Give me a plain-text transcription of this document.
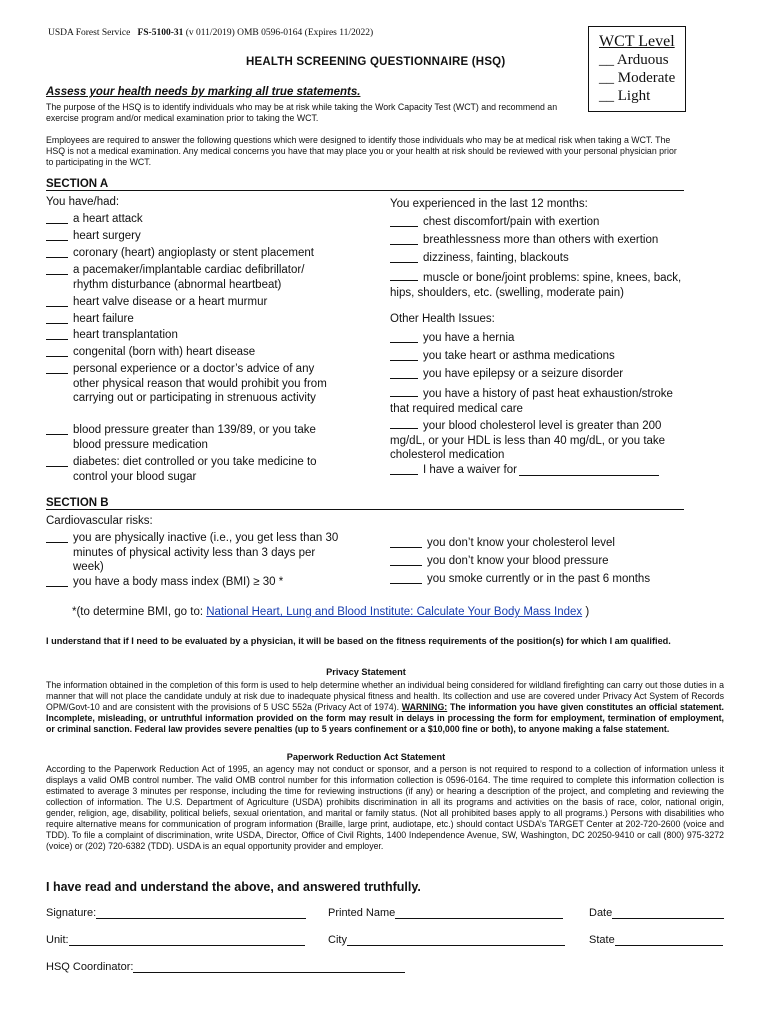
USDA Forest Service FS-5100-31 (v 011/2019) OMB 0596-0164 (Expires 11/2022)
HEALTH SCREENING QUESTIONNAIRE (HSQ)
WCT Level
__ Arduous
__ Moderate
__ Light
Assess your health needs by marking all true statements.
The purpose of the HSQ is to identify individuals who may be at risk while taking the Work Capacity Test (WCT) and recommend an exercise program and/or medical examination prior to taking the WCT.
Employees are required to answer the following questions which were designed to identify those individuals who may be at medical risk when taking a WCT. The HSQ is not a medical examination. Any medical concerns you have that may place you or your health at risk should be reviewed with your personal physician prior to participating in the WCT.
SECTION A
You have/had:
a heart attack
heart surgery
coronary (heart) angioplasty or stent placement
a pacemaker/implantable cardiac defibrillator/ rhythm disturbance (abnormal heartbeat)
heart valve disease or a heart murmur
heart failure
heart transplantation
congenital (born with) heart disease
personal experience or a doctor’s advice of any other physical reason that would prohibit you from carrying out or participating in strenuous activity
blood pressure greater than 139/89, or you take blood pressure medication
diabetes: diet controlled or you take medicine to control your blood sugar
You experienced in the last 12 months:
chest discomfort/pain with exertion
breathlessness more than others with exertion
dizziness, fainting, blackouts
muscle or bone/joint problems: spine, knees, back, hips, shoulders, etc. (swelling, moderate pain)
Other Health Issues:
you have a hernia
you take heart or asthma medications
you have epilepsy or a seizure disorder
you have a history of past heat exhaustion/stroke that required medical care
your blood cholesterol level is greater than 200 mg/dL, or your HDL is less than 40 mg/dL, or you take cholesterol medication
I have a waiver for
SECTION B
Cardiovascular risks:
you are physically inactive (i.e., you get less than 30 minutes of physical activity less than 3 days per week)
you have a body mass index (BMI) ≥ 30 *
you don’t know your cholesterol level
you don’t know your blood pressure
you smoke currently or in the past 6 months
*(to determine BMI, go to: National Heart, Lung and Blood Institute: Calculate Your Body Mass Index )
I understand that if I need to be evaluated by a physician, it will be based on the fitness requirements of the position(s) for which I am qualified.
Privacy Statement
The information obtained in the completion of this form is used to help determine whether an individual being considered for wildland firefighting can carry out those duties in a manner that will not place the candidate unduly at risk due to inadequate physical fitness and health. Its collection and use are covered under Privacy Act System of Records OPM/Govt-10 and are consistent with the provisions of 5 USC 552a (Privacy Act of 1974). WARNING: The information you have given constitutes an official statement. Incomplete, misleading, or untruthful information provided on the form may result in delays in processing the form for employment, termination of employment, or criminal sanction. Federal law provides severe penalties (up to 5 years confinement or a $10,000 fine or both), to anyone making a false statement.
Paperwork Reduction Act Statement
According to the Paperwork Reduction Act of 1995, an agency may not conduct or sponsor, and a person is not required to respond to a collection of information unless it displays a valid OMB control number. The valid OMB control number for this information collection is 0596-0164. The time required to complete this information collection is estimated to average 3 minutes per response, including the time for reviewing instructions (if any) or hearing a description of the project, and completing and reviewing the collection of information. The U.S. Department of Agriculture (USDA) prohibits discrimination in all its programs and activities on the basis of race, color, national origin, gender, religion, age, disability, political beliefs, sexual orientation, and marital or family status. (Not all prohibited bases apply to all programs.) Persons with disabilities who require alternative means for communication of program information (Braille, large print, audiotape, etc.) should contact USDA’s TARGET Center at 202-720-2600 (voice and TDD). To file a complaint of discrimination, write USDA, Director, Office of Civil Rights, 1400 Independence Avenue, SW, Washington, DC 20250-9410 or call (800) 975-3272 (voice) or (202) 720-6382 (TDD). USDA is an equal opportunity provider and employer.
I have read and understand the above, and answered truthfully.
Signature:	Printed Name	Date
Unit:	City	State
HSQ Coordinator:
